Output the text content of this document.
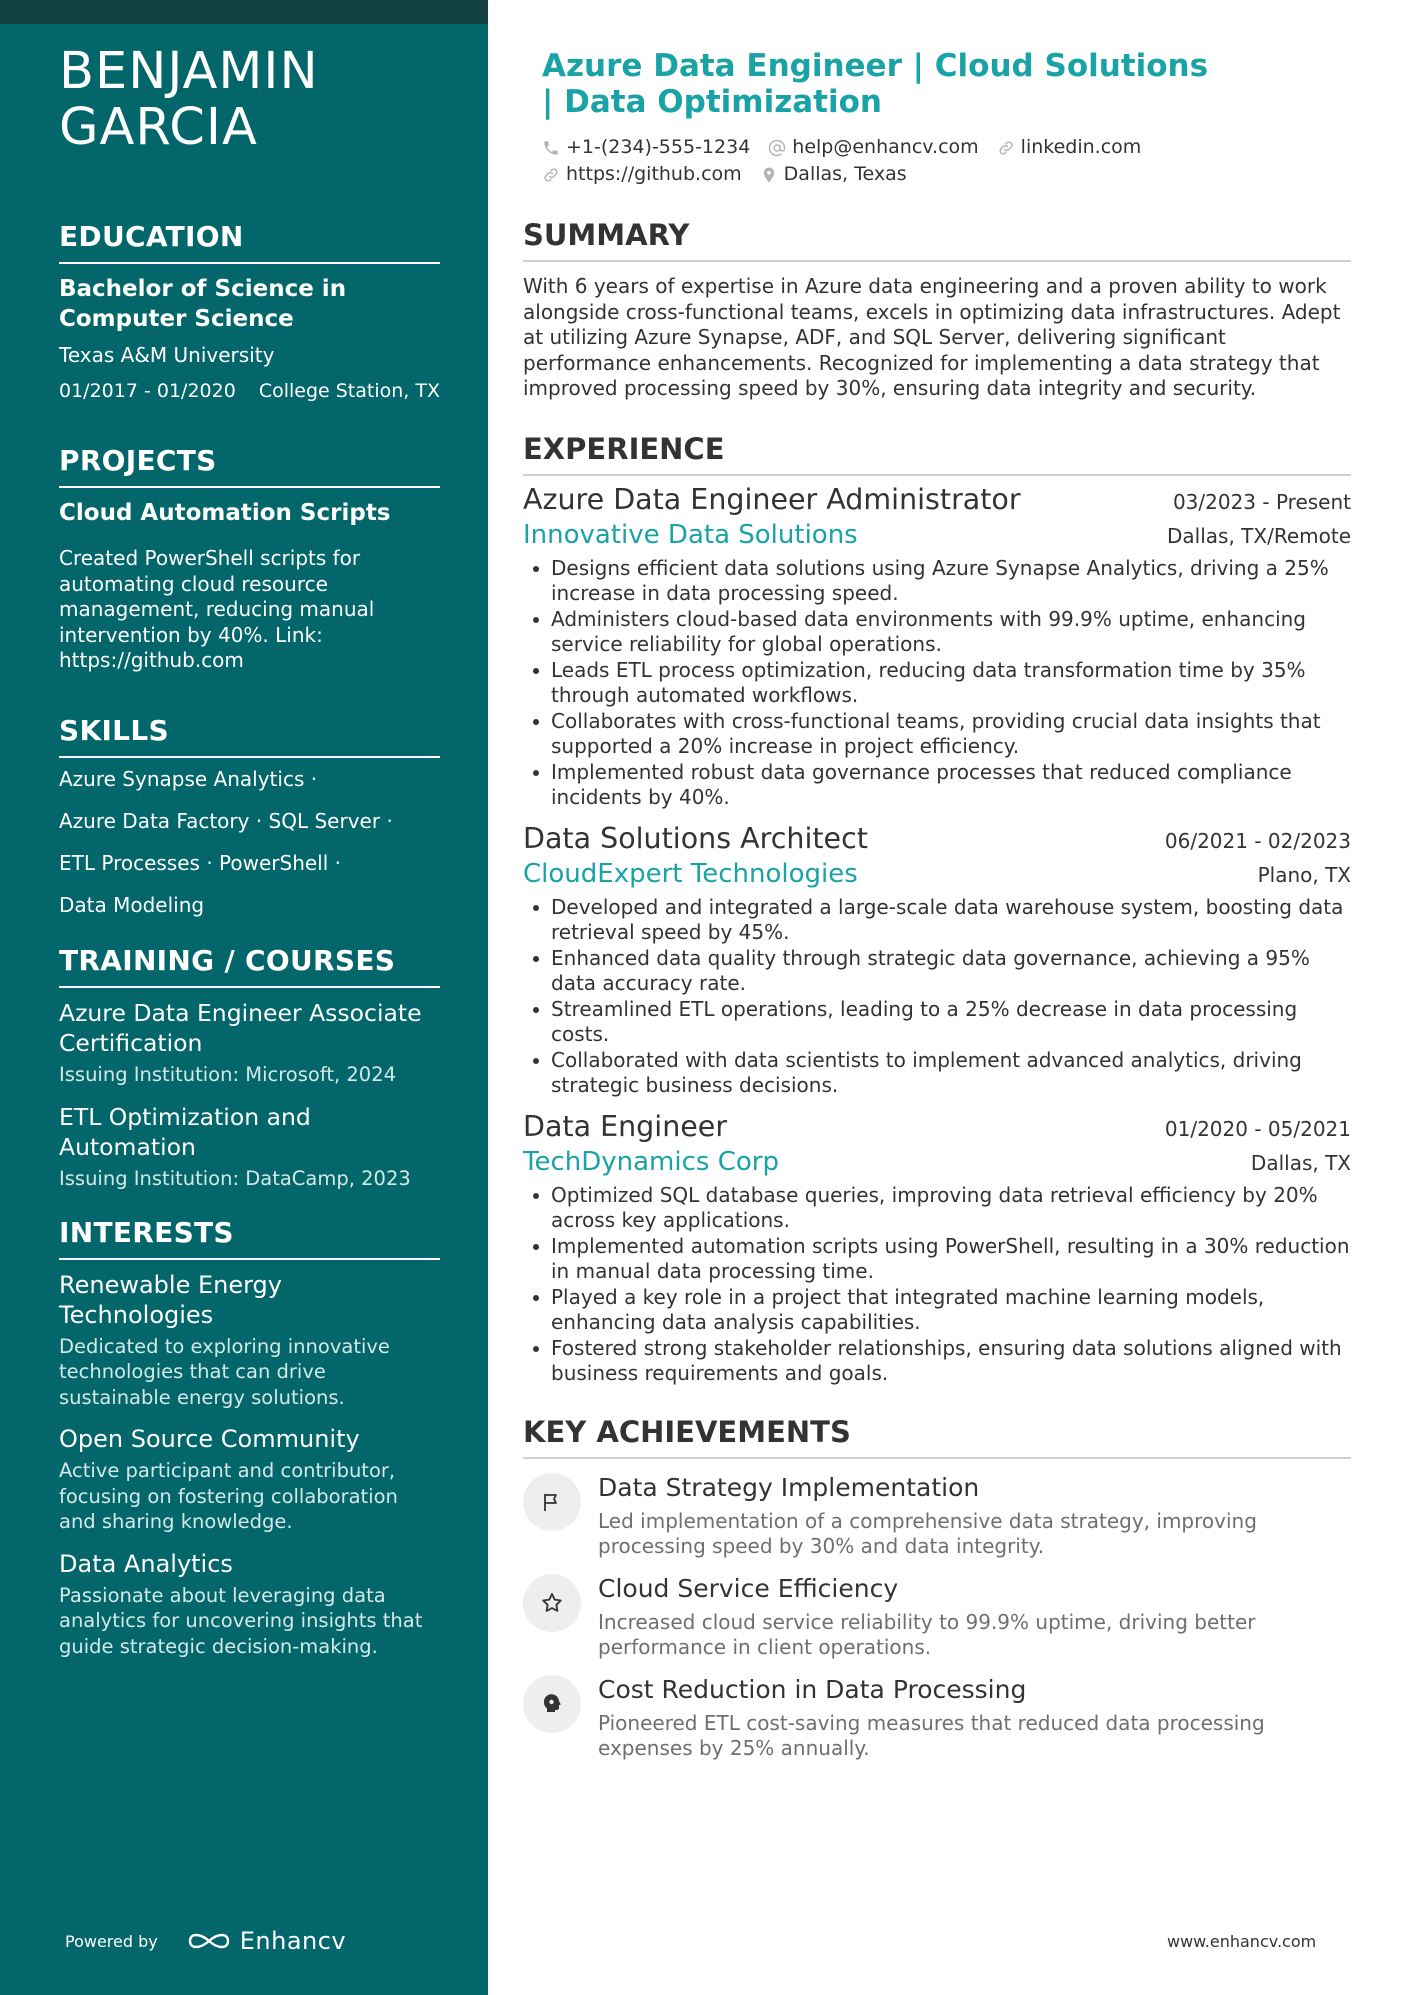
BENJAMIN GARCIA
EDUCATION
Bachelor of Science in Computer Science
Texas A&M University
01/2017 - 01/2020 College Station, TX
PROJECTS
Cloud Automation Scripts
Created PowerShell scripts for automating cloud resource management, reducing manual intervention by 40%. Link: https://github.com
SKILLS
Azure Synapse Analytics ·
Azure Data Factory · SQL Server ·
ETL Processes · PowerShell ·
Data Modeling
TRAINING / COURSES
Azure Data Engineer Associate Certification
Issuing Institution: Microsoft, 2024
ETL Optimization and Automation
Issuing Institution: DataCamp, 2023
INTERESTS
Renewable Energy Technologies
Dedicated to exploring innovative technologies that can drive sustainable energy solutions.
Open Source Community
Active participant and contributor, focusing on fostering collaboration and sharing knowledge.
Data Analytics
Passionate about leveraging data analytics for uncovering insights that guide strategic decision-making.
Powered by	Enhancv
Azure Data Engineer | Cloud Solutions | Data Optimization
+1-(234)-555-1234 help@enhancv.com linkedin.com
https://github.com Dallas, Texas
SUMMARY
With 6 years of expertise in Azure data engineering and a proven ability to work alongside cross-functional teams, excels in optimizing data infrastructures. Adept at utilizing Azure Synapse, ADF, and SQL Server, delivering significant performance enhancements. Recognized for implementing a data strategy that improved processing speed by 30%, ensuring data integrity and security.
EXPERIENCE
Azure Data Engineer Administrator	03/2023 - Present
Innovative Data Solutions	Dallas, TX/Remote
Designs efficient data solutions using Azure Synapse Analytics, driving a 25% increase in data processing speed.
Administers cloud-based data environments with 99.9% uptime, enhancing service reliability for global operations.
Leads ETL process optimization, reducing data transformation time by 35% through automated workflows.
Collaborates with cross-functional teams, providing crucial data insights that supported a 20% increase in project efficiency.
Implemented robust data governance processes that reduced compliance incidents by 40%.
Data Solutions Architect	06/2021 - 02/2023
CloudExpert Technologies	Plano, TX
Developed and integrated a large-scale data warehouse system, boosting data retrieval speed by 45%.
Enhanced data quality through strategic data governance, achieving a 95% data accuracy rate.
Streamlined ETL operations, leading to a 25% decrease in data processing costs.
Collaborated with data scientists to implement advanced analytics, driving strategic business decisions.
Data Engineer	01/2020 - 05/2021
TechDynamics Corp	Dallas, TX
Optimized SQL database queries, improving data retrieval efficiency by 20% across key applications.
Implemented automation scripts using PowerShell, resulting in a 30% reduction in manual data processing time.
Played a key role in a project that integrated machine learning models, enhancing data analysis capabilities.
Fostered strong stakeholder relationships, ensuring data solutions aligned with business requirements and goals.
KEY ACHIEVEMENTS
Data Strategy Implementation
Led implementation of a comprehensive data strategy, improving processing speed by 30% and data integrity.
Cloud Service Efficiency
Increased cloud service reliability to 99.9% uptime, driving better performance in client operations.
Cost Reduction in Data Processing
Pioneered ETL cost-saving measures that reduced data processing expenses by 25% annually.
www.enhancv.com
